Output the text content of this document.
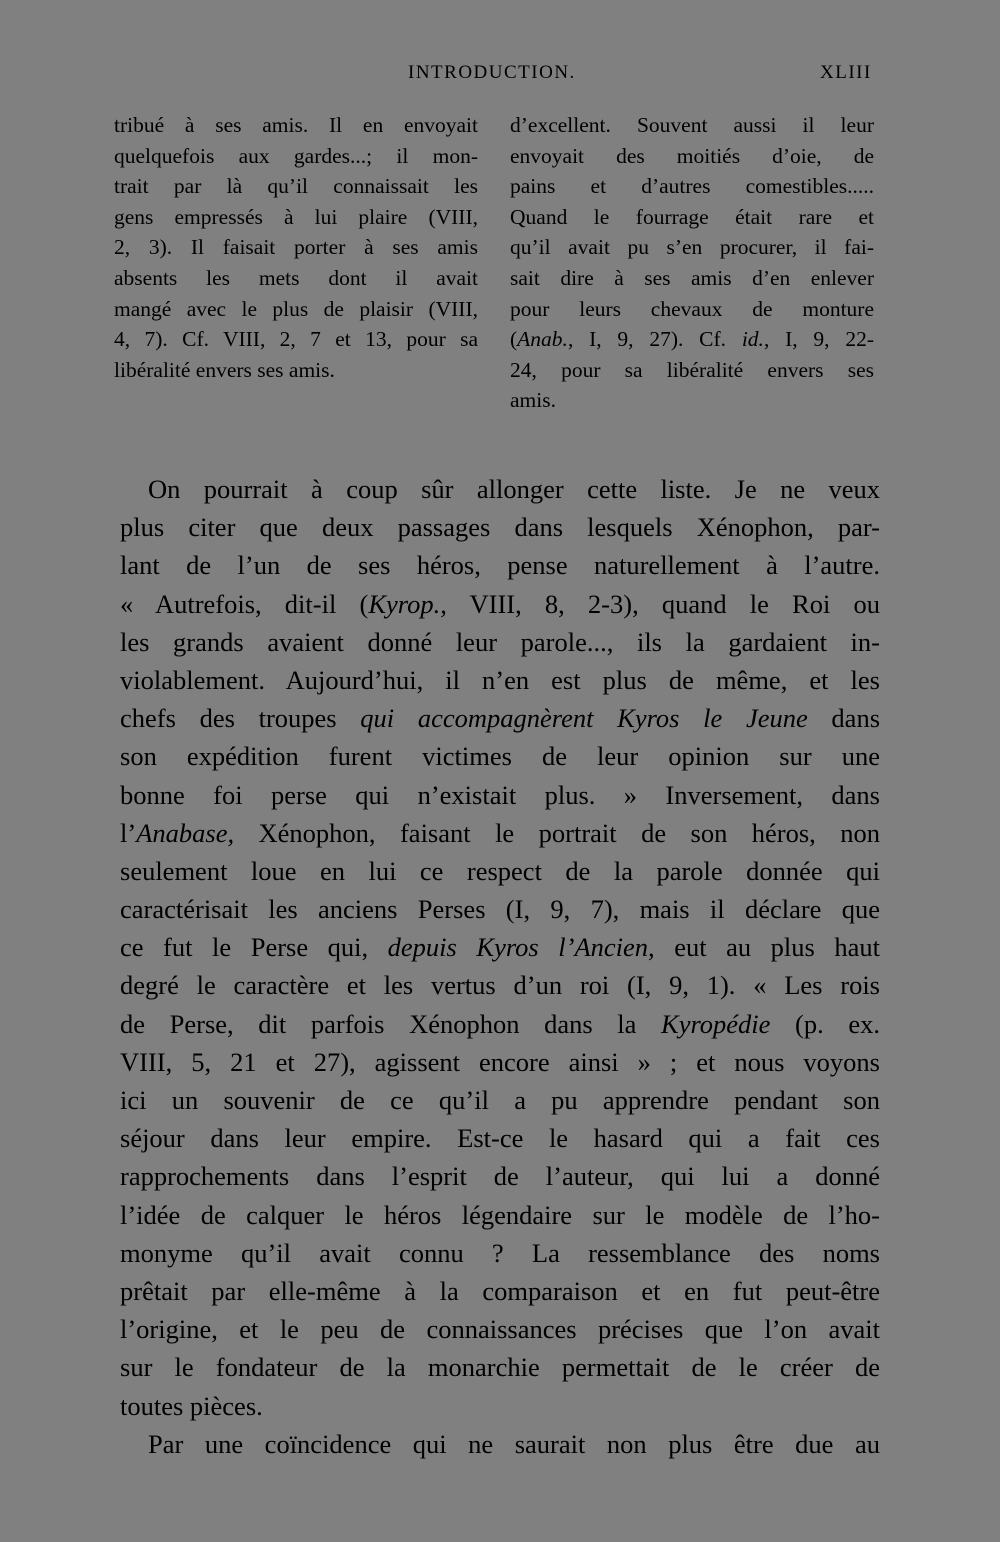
INTRODUCTION.	XLIII
tribué à ses amis. Il en envoyait
quelquefois aux gardes...; il mon-
trait par là qu’il connaissait les
gens empressés à lui plaire (VIII,
2, 3). Il faisait porter à ses amis
absents les mets dont il avait
mangé avec le plus de plaisir (VIII,
4, 7). Cf. VIII, 2, 7 et 13, pour sa
libéralité envers ses amis.
d’excellent. Souvent aussi il leur
envoyait des moitiés d’oie, de
pains et d’autres comestibles.....
Quand le fourrage était rare et
qu’il avait pu s’en procurer, il fai-
sait dire à ses amis d’en enlever
pour leurs chevaux de monture
(Anab., I, 9, 27). Cf. id., I, 9, 22-
24, pour sa libéralité envers ses
amis.
On pourrait à coup sûr allonger cette liste. Je ne veux
plus citer que deux passages dans lesquels Xénophon, par-
lant de l’un de ses héros, pense naturellement à l’autre.
« Autrefois, dit-il (Kyrop., VIII, 8, 2-3), quand le Roi ou
les grands avaient donné leur parole..., ils la gardaient in-
violablement. Aujourd’hui, il n’en est plus de même, et les
chefs des troupes qui accompagnèrent Kyros le Jeune dans
son expédition furent victimes de leur opinion sur une
bonne foi perse qui n’existait plus. » Inversement, dans
l’Anabase, Xénophon, faisant le portrait de son héros, non
seulement loue en lui ce respect de la parole donnée qui
caractérisait les anciens Perses (I, 9, 7), mais il déclare que
ce fut le Perse qui, depuis Kyros l’Ancien, eut au plus haut
degré le caractère et les vertus d’un roi (I, 9, 1). « Les rois
de Perse, dit parfois Xénophon dans la Kyropédie (p. ex.
VIII, 5, 21 et 27), agissent encore ainsi » ; et nous voyons
ici un souvenir de ce qu’il a pu apprendre pendant son
séjour dans leur empire. Est-ce le hasard qui a fait ces
rapprochements dans l’esprit de l’auteur, qui lui a donné
l’idée de calquer le héros légendaire sur le modèle de l’ho-
monyme qu’il avait connu ? La ressemblance des noms
prêtait par elle-même à la comparaison et en fut peut-être
l’origine, et le peu de connaissances précises que l’on avait
sur le fondateur de la monarchie permettait de le créer de
toutes pièces.
Par une coïncidence qui ne saurait non plus être due au
